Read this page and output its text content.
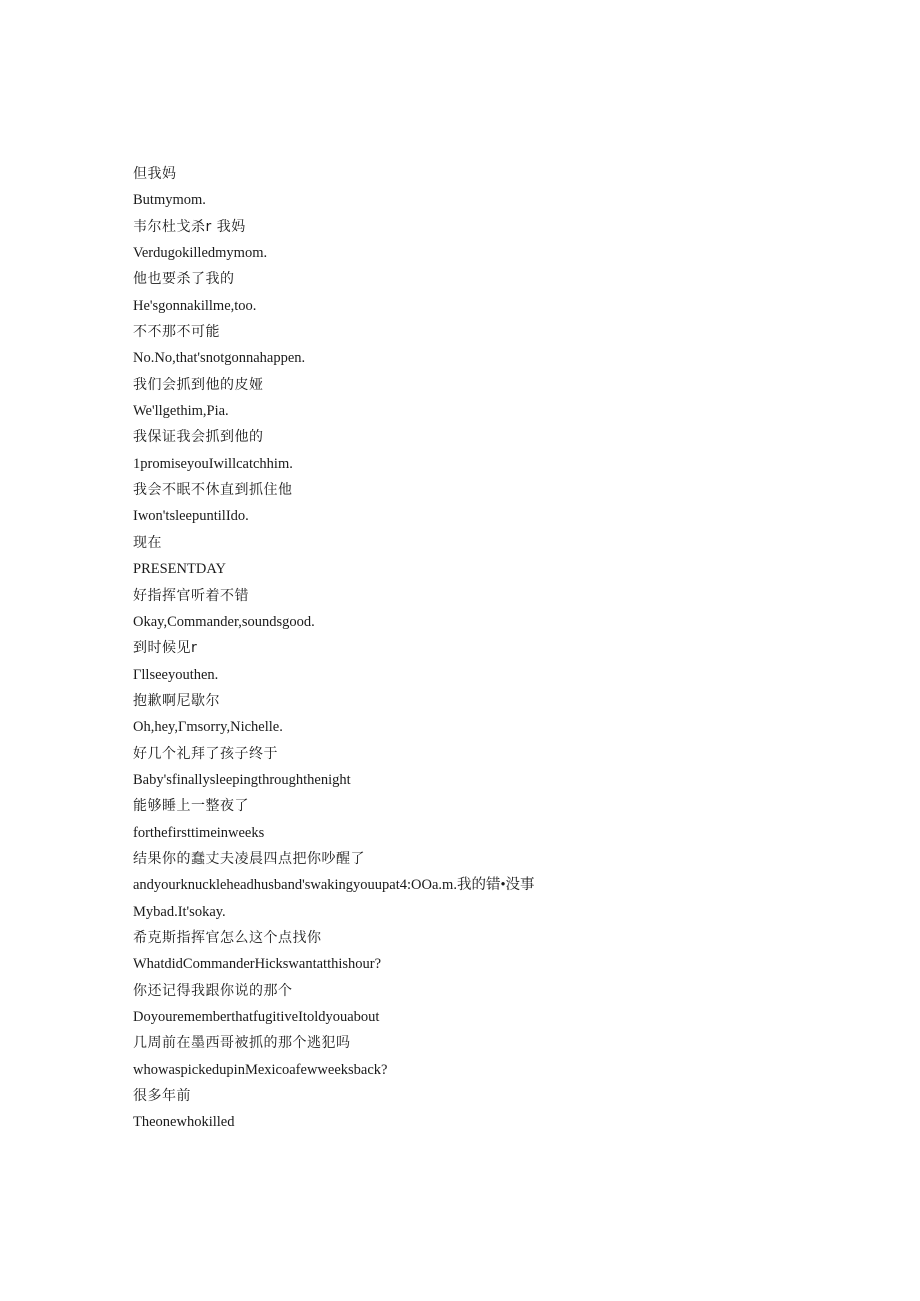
但我妈
Butmymom.
韦尔杜戈杀r 我妈
Verdugokilledmymom.
他也要杀了我的
He'sgonnakillme,too.
不不那不可能
No.No,that'snotgonnahappen.
我们会抓到他的皮娅
We'llgethim,Pia.
我保证我会抓到他的
1promiseyouIwillcatchhim.
我会不眠不休直到抓住他
Iwon'tsleepuntilIdo.
现在
PRESENTDAY
好指挥官听着不错
Okay,Commander,soundsgood.
到时候见r
Γllseeyouthen.
抱歉啊尼歇尔
Oh,hey,Γmsorry,Nichelle.
好几个礼拜了孩子终于
Baby'sfinallysleepingthroughthenight
能够睡上一整夜了
forthefirsttimeinweeks
结果你的蠢丈夫凌晨四点把你吵醒了
andyourknuckleheadhusband'swakingyouupat4:OOa.m.我的错•没事
Mybad.It'sokay.
希克斯指挥官怎么这个点找你
WhatdidCommanderHickswantatthishour?
你还记得我跟你说的那个
DoyourememberthatfugitiveItoldyouabout
几周前在墨西哥被抓的那个逃犯吗
whowaspickedupinMexicoafewweeksback?
很多年前
Theonewhokilled
